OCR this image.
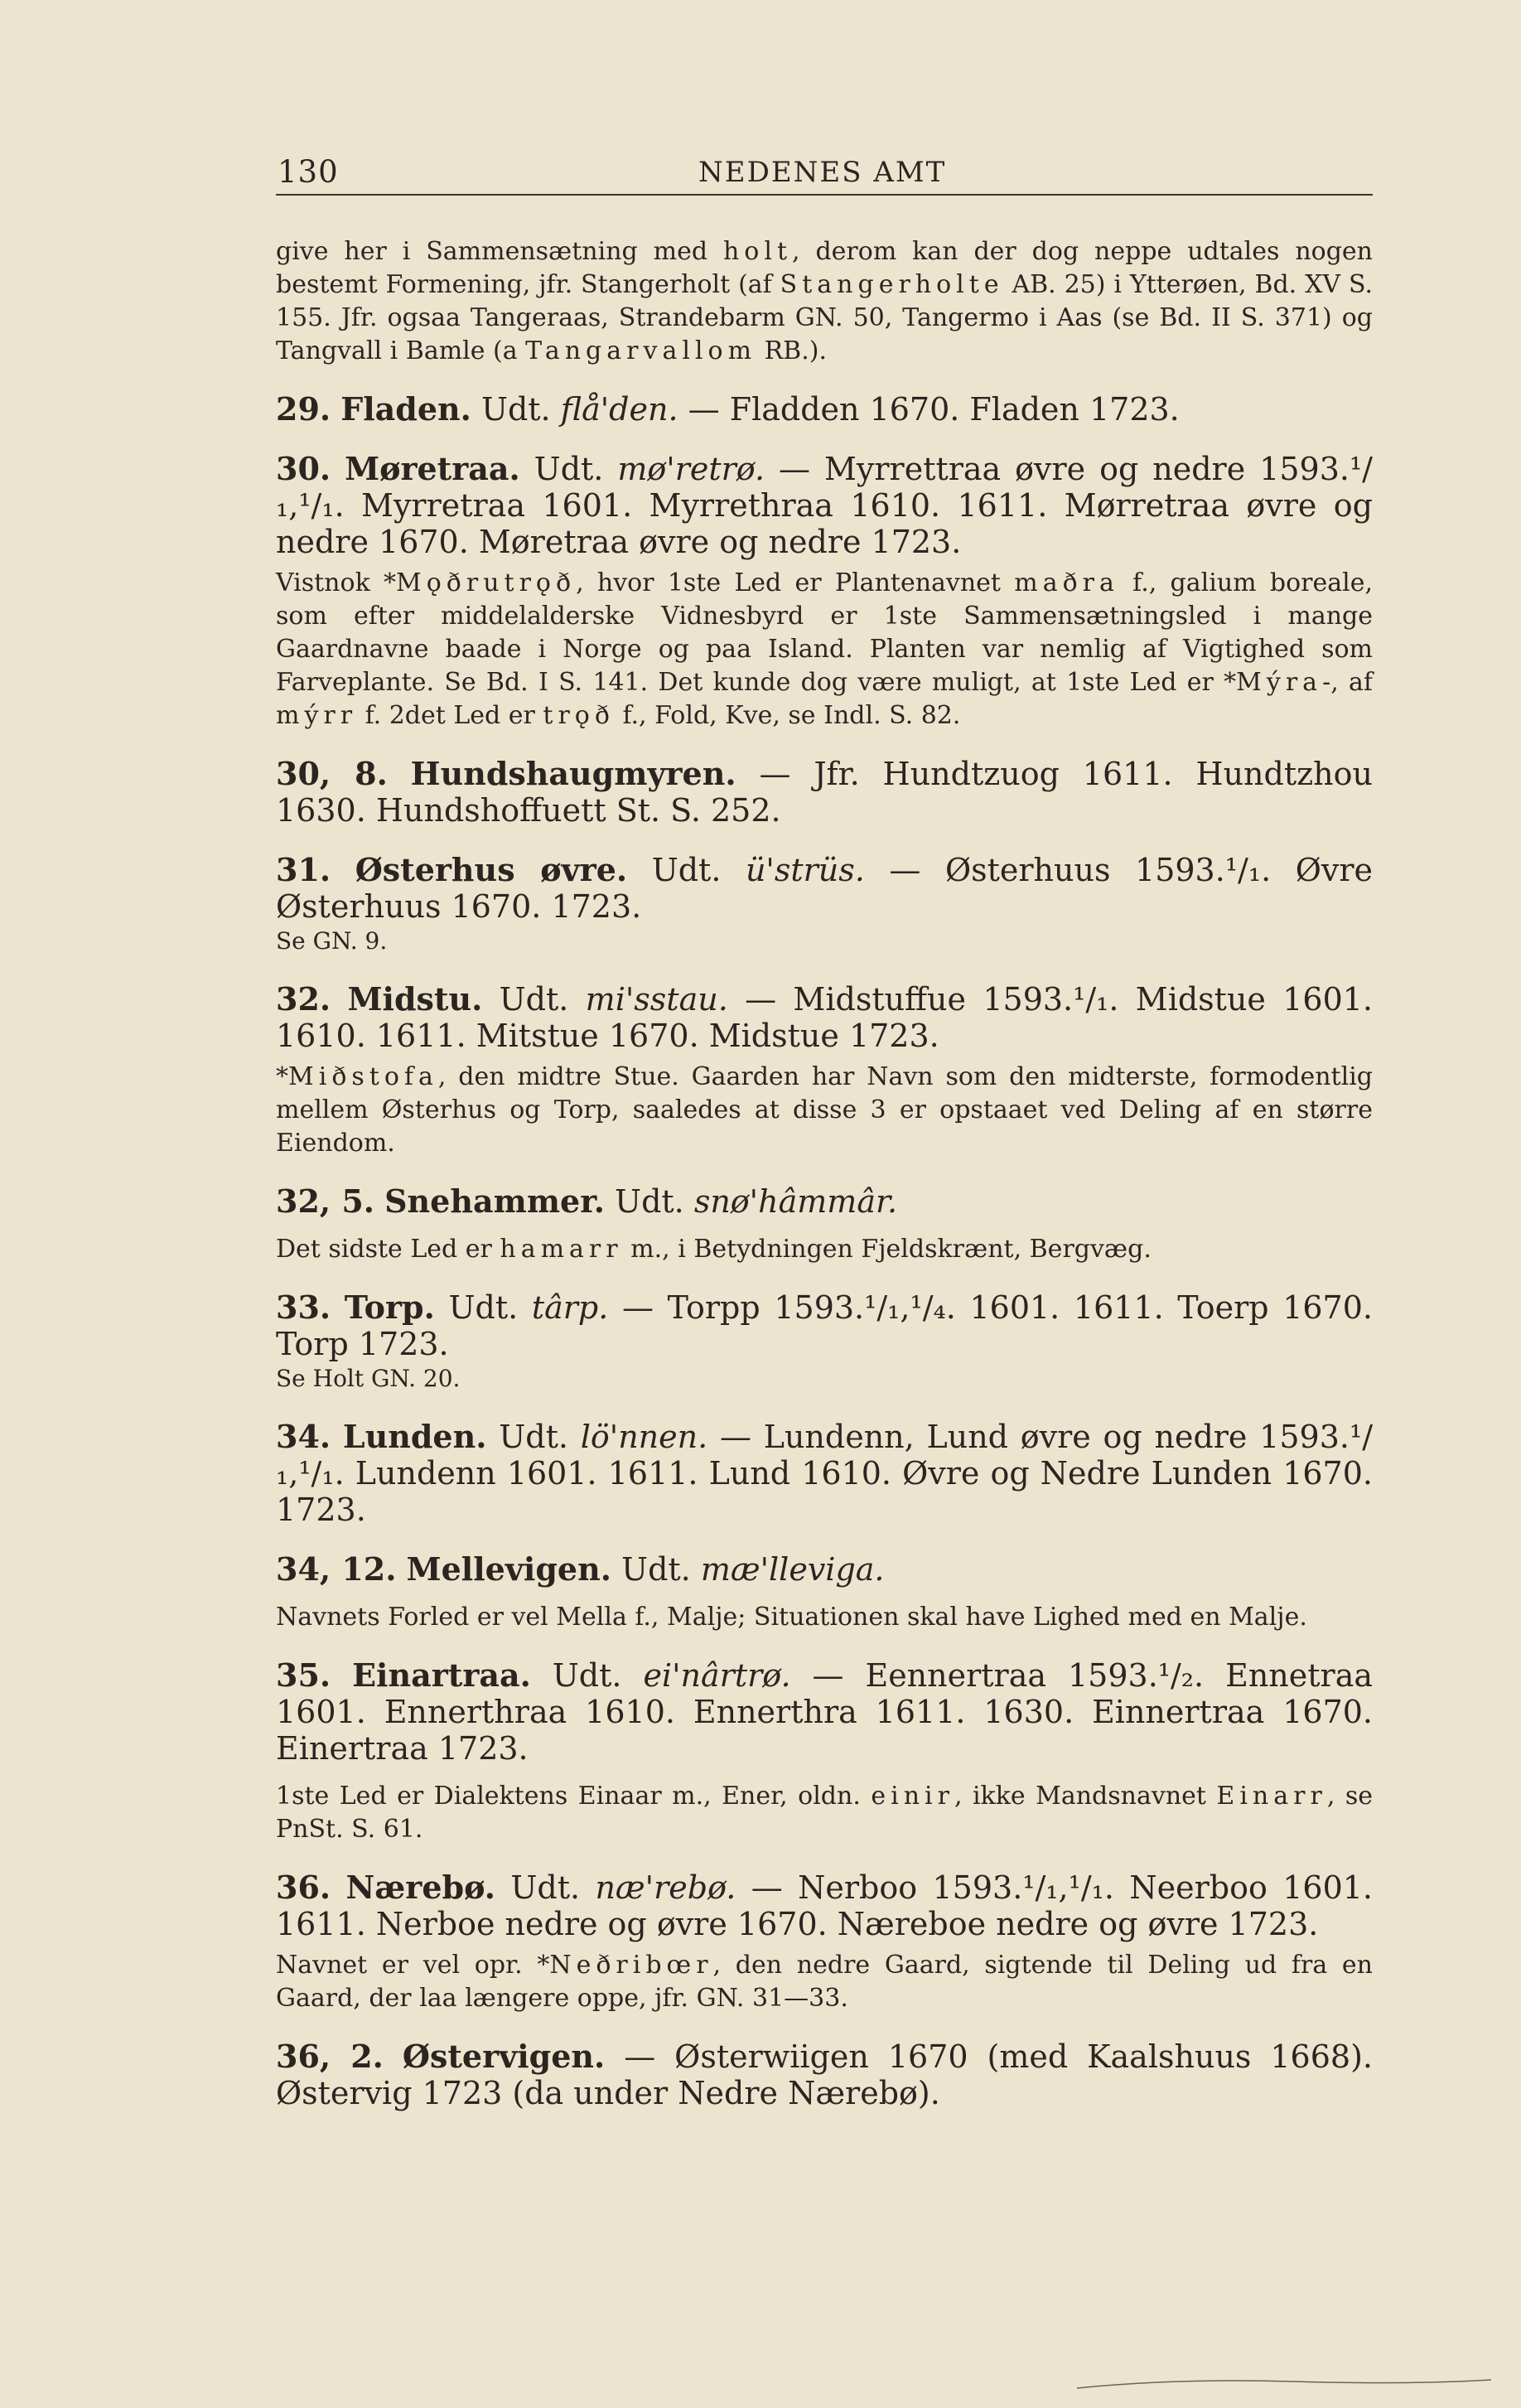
130	NEDENES AMT

give her i Sammensætning med holt, derom kan der dog neppe udtales nogen bestemt Formening, jfr. Stangerholt (af Stangerholte AB. 25) i Ytterøen, Bd. XV S. 155. Jfr. ogsaa Tangeraas, Strandebarm GN. 50, Tangermo i Aas (se Bd. II S. 371) og Tangvall i Bamle (a Tangarvallom RB.).

29. Fladen. Udt. flå'den. — Fladden 1670. Fladen 1723.

30. Møretraa. Udt. mø'retrø. — Myrrettraa øvre og nedre 1593.¹/₁,¹/₁. Myrretraa 1601. Myrrethraa 1610. 1611. Mørretraa øvre og nedre 1670. Møretraa øvre og nedre 1723.

Vistnok *Mǫðrutrǫð, hvor 1ste Led er Plantenavnet maðra f., galium boreale, som efter middelalderske Vidnesbyrd er 1ste Sammensætningsled i mange Gaardnavne baade i Norge og paa Island. Planten var nemlig af Vigtighed som Farveplante. Se Bd. I S. 141. Det kunde dog være muligt, at 1ste Led er *Mýra-, af mýrr f. 2det Led er trǫð f., Fold, Kve, se Indl. S. 82.

30, 8. Hundshaugmyren. — Jfr. Hundtzuog 1611. Hundtzhou 1630. Hundshoffuett St. S. 252.

31. Østerhus øvre. Udt. ü'strüs. — Østerhuus 1593.¹/₁. Øvre Østerhuus 1670. 1723.

Se GN. 9.

32. Midstu. Udt. mi'sstau. — Midstuffue 1593.¹/₁. Midstue 1601. 1610. 1611. Mitstue 1670. Midstue 1723.

*Miðstofa, den midtre Stue. Gaarden har Navn som den midterste, formodentlig mellem Østerhus og Torp, saaledes at disse 3 er opstaaet ved Deling af en større Eiendom.

32, 5. Snehammer. Udt. snø'hâmmâr.

Det sidste Led er hamarr m., i Betydningen Fjeldskrænt, Bergvæg.

33. Torp. Udt. târp. — Torpp 1593.¹/₁,¹/₄. 1601. 1611. Toerp 1670. Torp 1723.

Se Holt GN. 20.

34. Lunden. Udt. lö'nnen. — Lundenn, Lund øvre og nedre 1593.¹/₁,¹/₁. Lundenn 1601. 1611. Lund 1610. Øvre og Nedre Lunden 1670. 1723.

34, 12. Mellevigen. Udt. mæ'lleviga.

Navnets Forled er vel Mella f., Malje; Situationen skal have Lighed med en Malje.

35. Einartraa. Udt. ei'nârtrø. — Eennertraa 1593.¹/₂. Ennetraa 1601. Ennerthraa 1610. Ennerthra 1611. 1630. Einnertraa 1670. Einertraa 1723.

1ste Led er Dialektens Einaar m., Ener, oldn. einir, ikke Mandsnavnet Einarr, se PnSt. S. 61.

36. Nærebø. Udt. næ'rebø. — Nerboo 1593.¹/₁,¹/₁. Neerboo 1601. 1611. Nerboe nedre og øvre 1670. Næreboe nedre og øvre 1723.

Navnet er vel opr. *Neðribœr, den nedre Gaard, sigtende til Deling ud fra en Gaard, der laa længere oppe, jfr. GN. 31—33.

36, 2. Østervigen. — Østerwiigen 1670 (med Kaalshuus 1668). Østervig 1723 (da under Nedre Nærebø).
